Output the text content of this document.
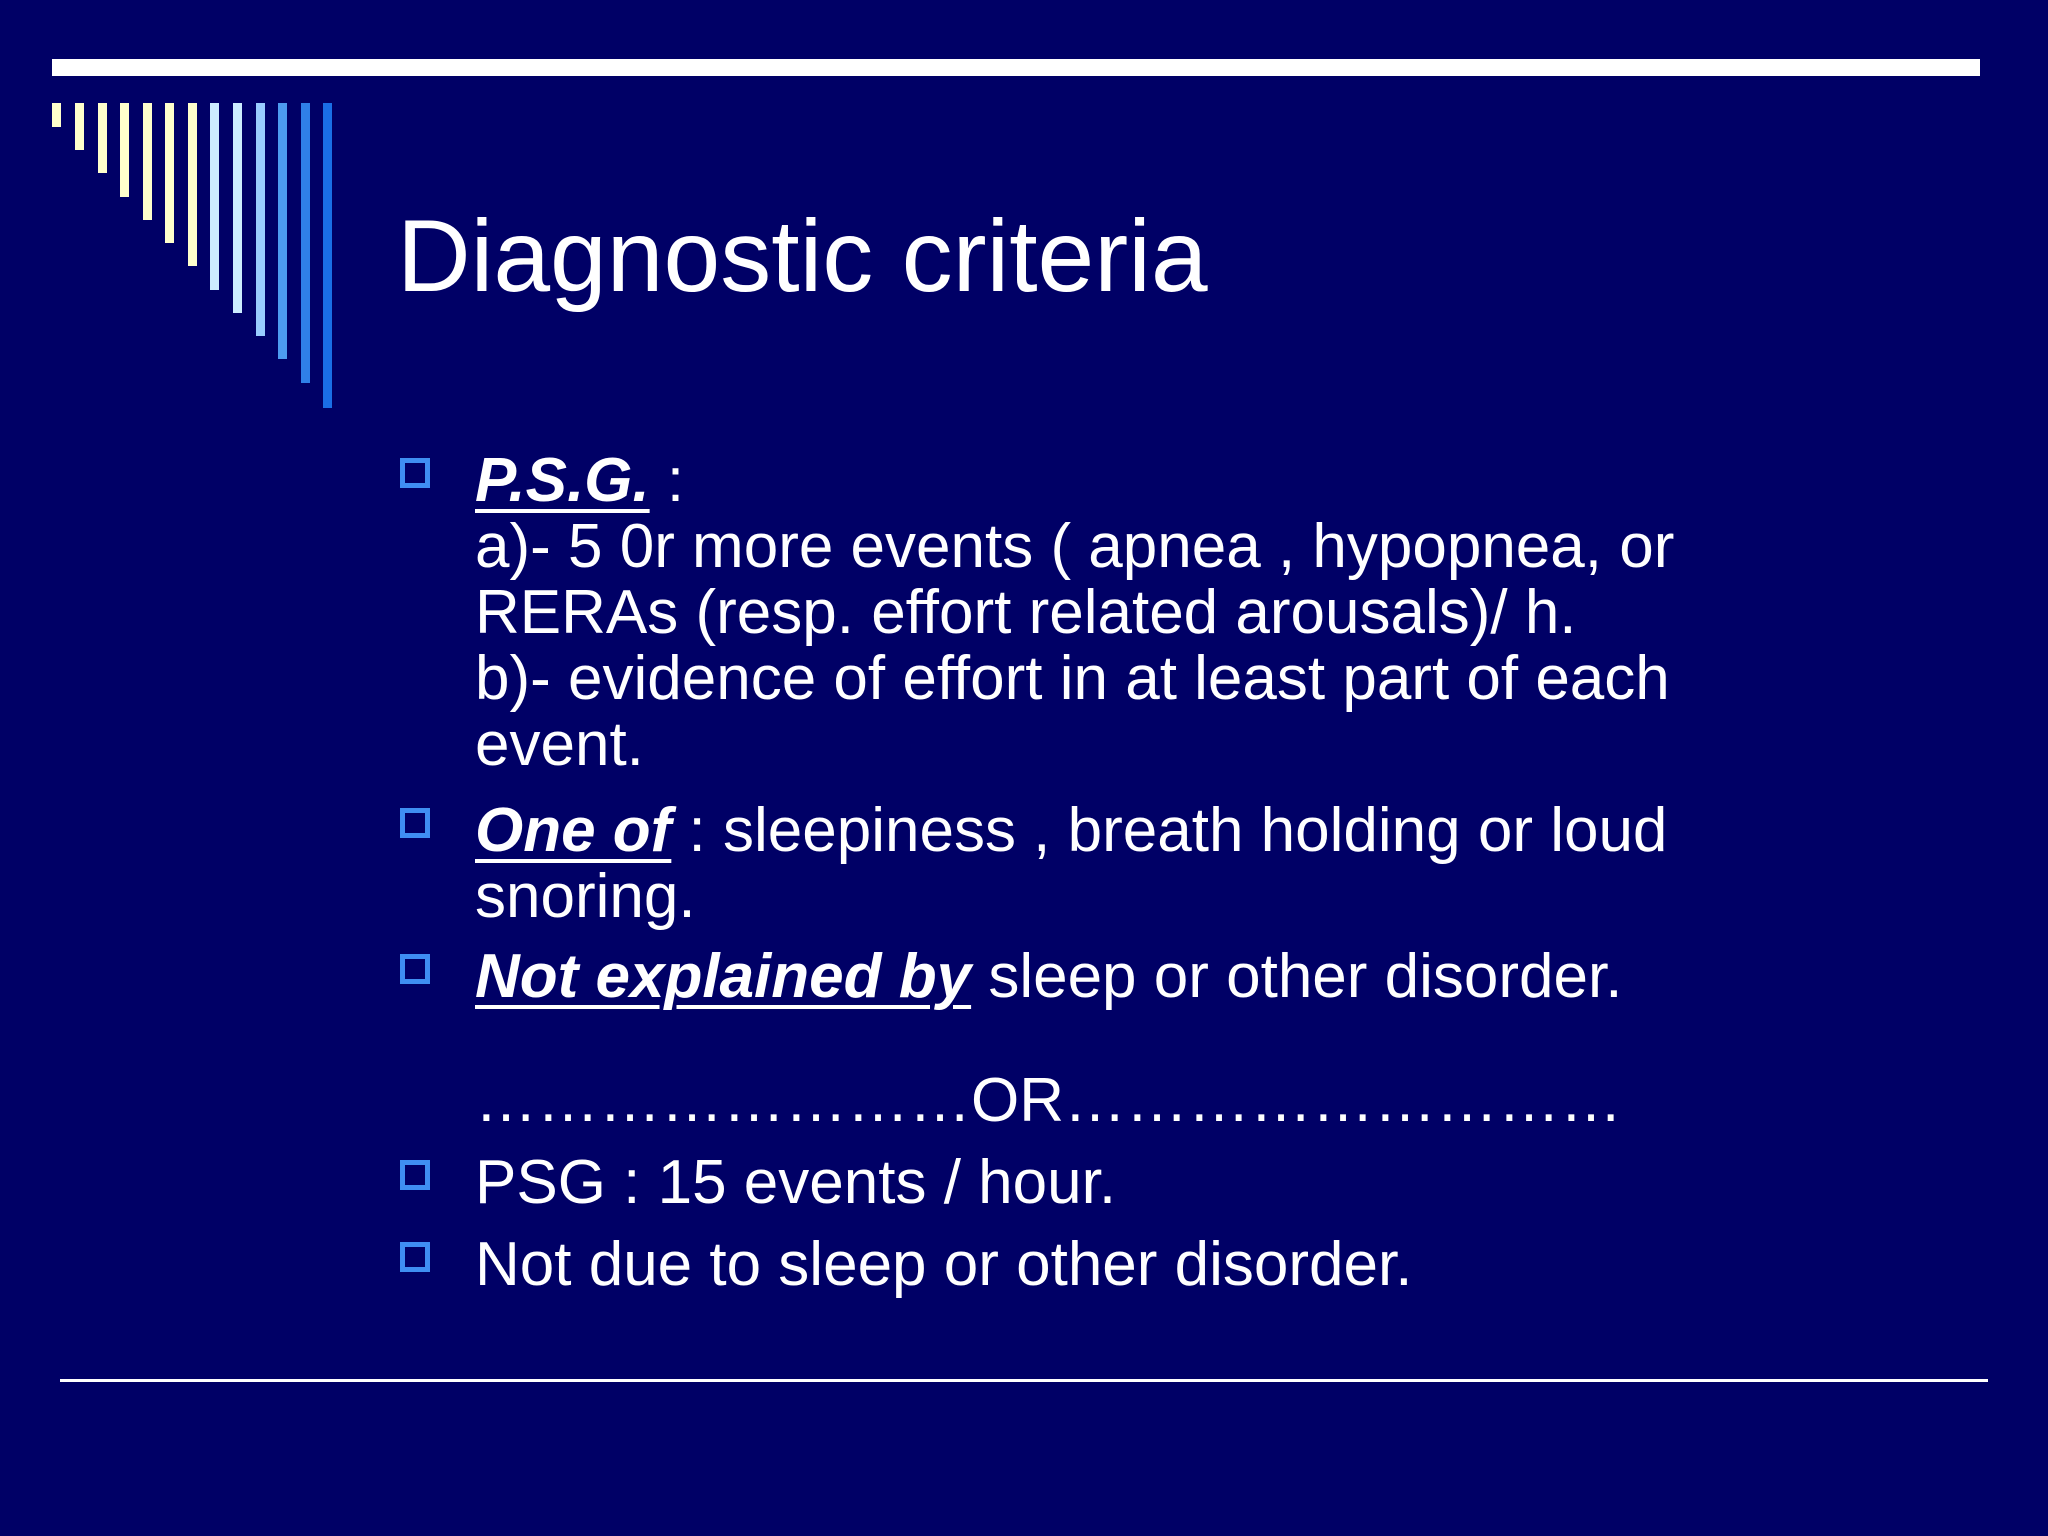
Diagnostic criteria
P.S.G. :
a)- 5 0r more events ( apnea , hypopnea, or
RERAs (resp. effort related arousals)/ h.
b)- evidence of effort in at least part of each
event.
One of : sleepiness , breath holding or loud
snoring.
Not explained by sleep or other disorder.
……………………OR………………………
PSG : 15 events / hour.
Not due to sleep or other disorder.
